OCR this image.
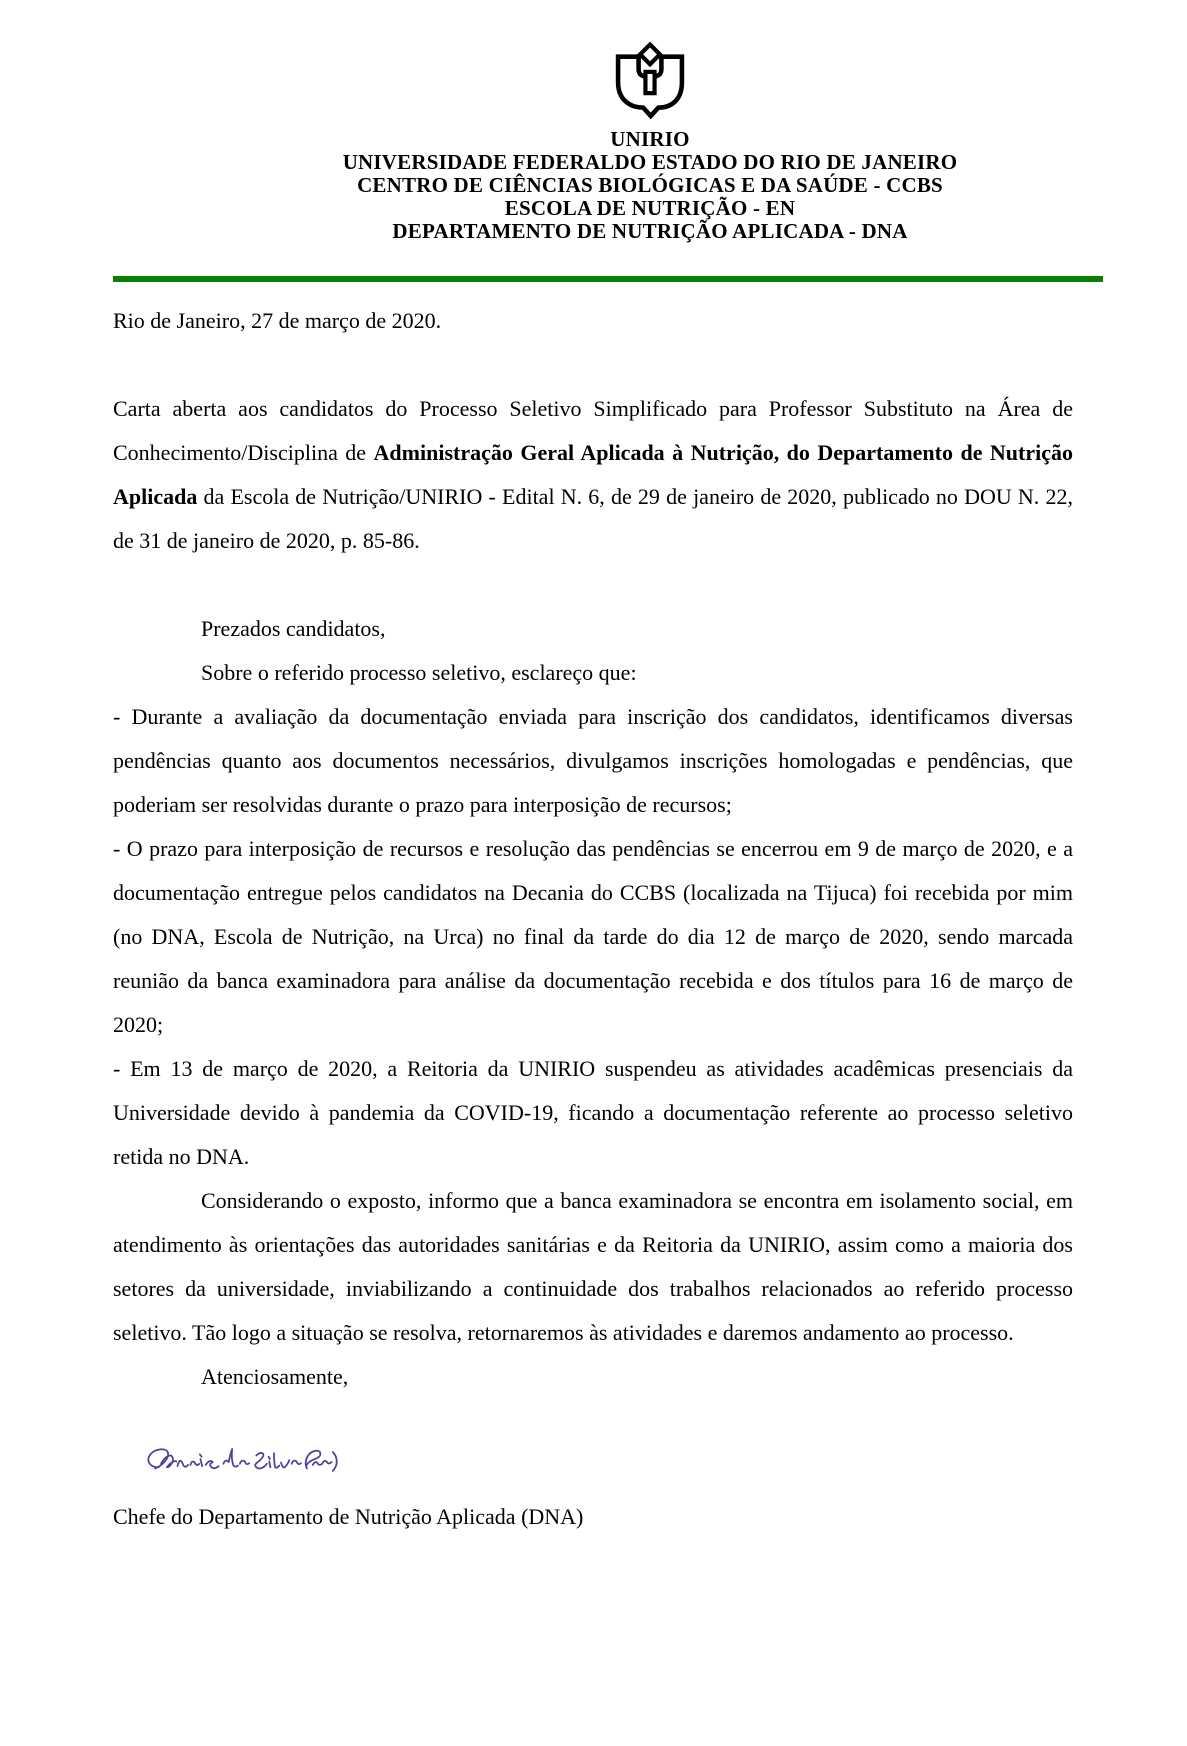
UNIRIO
UNIVERSIDADE FEDERALDO ESTADO DO RIO DE JANEIRO
CENTRO DE CIÊNCIAS BIOLÓGICAS E DA SAÚDE - CCBS
ESCOLA DE NUTRIÇÃO - EN
DEPARTAMENTO DE NUTRIÇÃO APLICADA - DNA

Rio de Janeiro, 27 de março de 2020.

Carta aberta aos candidatos do Processo Seletivo Simplificado para Professor Substituto na Área de Conhecimento/Disciplina de Administração Geral Aplicada à Nutrição, do Departamento de Nutrição Aplicada da Escola de Nutrição/UNIRIO - Edital N. 6, de 29 de janeiro de 2020, publicado no DOU N. 22, de 31 de janeiro de 2020, p. 85-86.

Prezados candidatos,

Sobre o referido processo seletivo, esclareço que:

- Durante a avaliação da documentação enviada para inscrição dos candidatos, identificamos diversas pendências quanto aos documentos necessários, divulgamos inscrições homologadas e pendências, que poderiam ser resolvidas durante o prazo para interposição de recursos;

- O prazo para interposição de recursos e resolução das pendências se encerrou em 9 de março de 2020, e a documentação entregue pelos candidatos na Decania do CCBS (localizada na Tijuca) foi recebida por mim (no DNA, Escola de Nutrição, na Urca) no final da tarde do dia 12 de março de 2020, sendo marcada reunião da banca examinadora para análise da documentação recebida e dos títulos para 16 de março de 2020;

- Em 13 de março de 2020, a Reitoria da UNIRIO suspendeu as atividades acadêmicas presenciais da Universidade devido à pandemia da COVID-19, ficando a documentação referente ao processo seletivo retida no DNA.

Considerando o exposto, informo que a banca examinadora se encontra em isolamento social, em atendimento às orientações das autoridades sanitárias e da Reitoria da UNIRIO, assim como a maioria dos setores da universidade, inviabilizando a continuidade dos trabalhos relacionados ao referido processo seletivo. Tão logo a situação se resolva, retornaremos às atividades e daremos andamento ao processo.

Atenciosamente,

Chefe do Departamento de Nutrição Aplicada (DNA)
